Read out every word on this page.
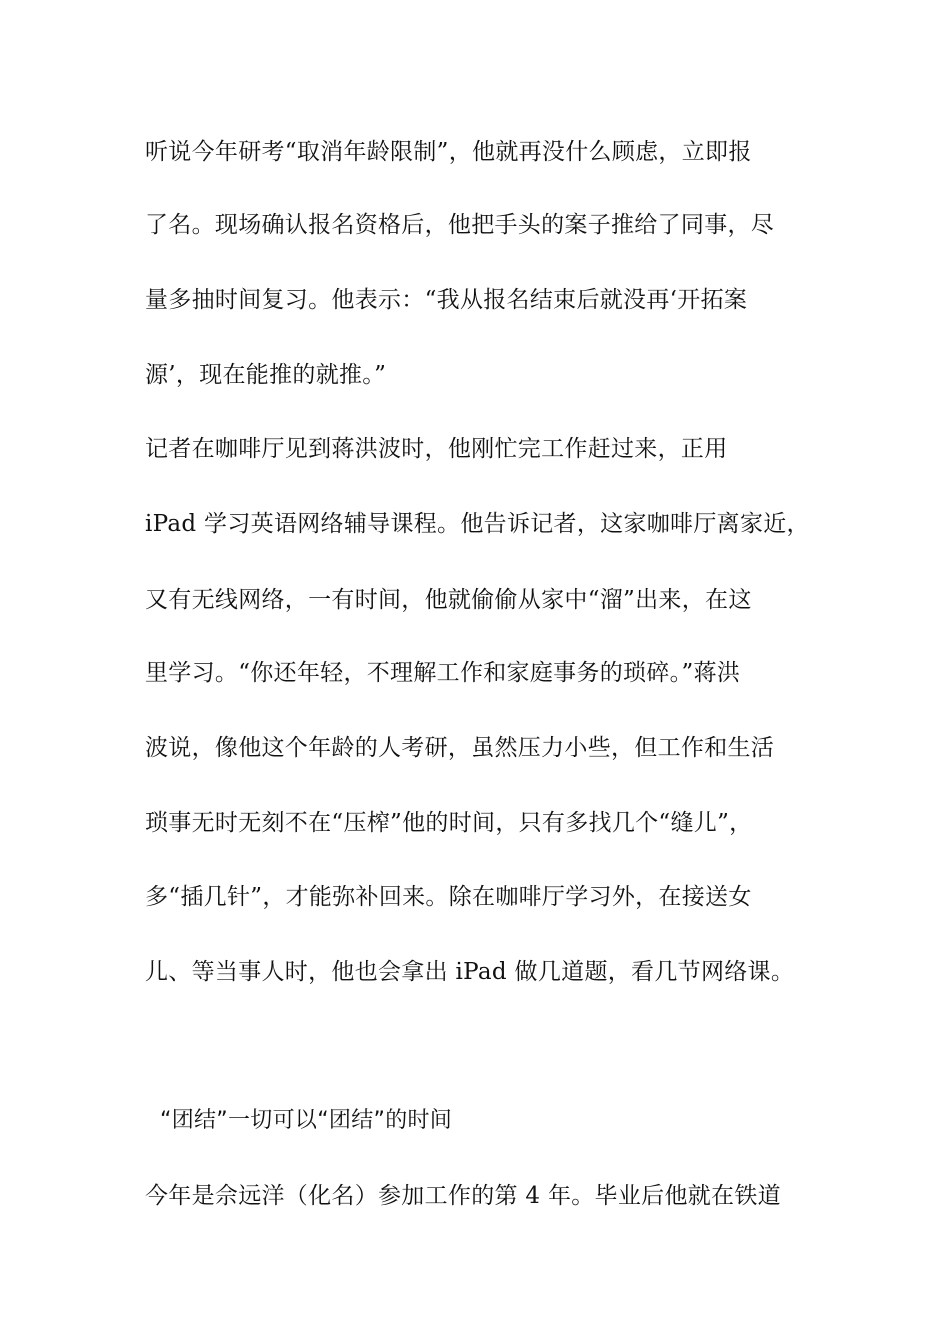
听说今年研考“取消年龄限制”，他就再没什么顾虑，立即报
了名。现场确认报名资格后，他把手头的案子推给了同事，尽
量多抽时间复习。他表示：“我从报名结束后就没再‘开拓案
源’，现在能推的就推。”
记者在咖啡厅见到蒋洪波时，他刚忙完工作赶过来，正用
iPad 学习英语网络辅导课程。他告诉记者，这家咖啡厅离家近，
又有无线网络，一有时间，他就偷偷从家中“溜”出来，在这
里学习。“你还年轻，不理解工作和家庭事务的琐碎。”蒋洪
波说，像他这个年龄的人考研，虽然压力小些，但工作和生活
琐事无时无刻不在“压榨”他的时间，只有多找几个“缝儿”，
多“插几针”，才能弥补回来。除在咖啡厅学习外，在接送女
儿、等当事人时，他也会拿出 iPad 做几道题，看几节网络课。
“团结”一切可以“团结”的时间
今年是佘远洋（化名）参加工作的第 4 年。毕业后他就在铁道
